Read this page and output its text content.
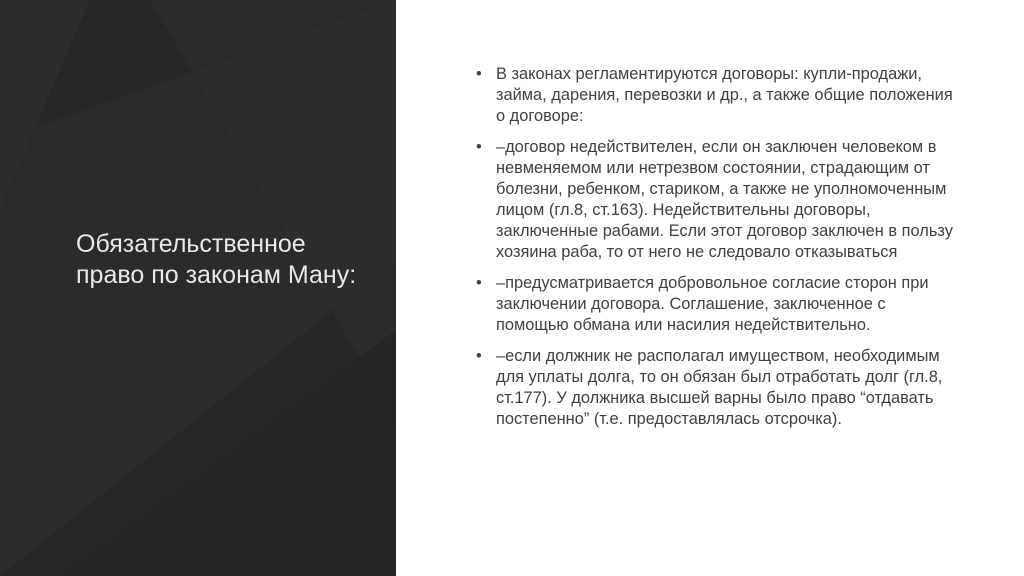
Обязательственное право по законам Ману:
• В законах регламентируются договоры: купли-продажи, займа, дарения, перевозки и др., а также общие положения о договоре:
• –договор недействителен, если он заключен человеком в невменяемом или нетрезвом состоянии, страдающим от болезни, ребенком, стариком, а также не уполномоченным лицом (гл.8, ст.163). Недействительны договоры, заключенные рабами. Если этот договор заключен в пользу хозяина раба, то от него не следовало отказываться
• –предусматривается добровольное согласие сторон при заключении договора. Соглашение, заключенное с помощью обмана или насилия недействительно.
• –если должник не располагал имуществом, необходимым для уплаты долга, то он обязан был отработать долг (гл.8, ст.177). У должника высшей варны было право “отдавать постепенно” (т.е. предоставлялась отсрочка).
